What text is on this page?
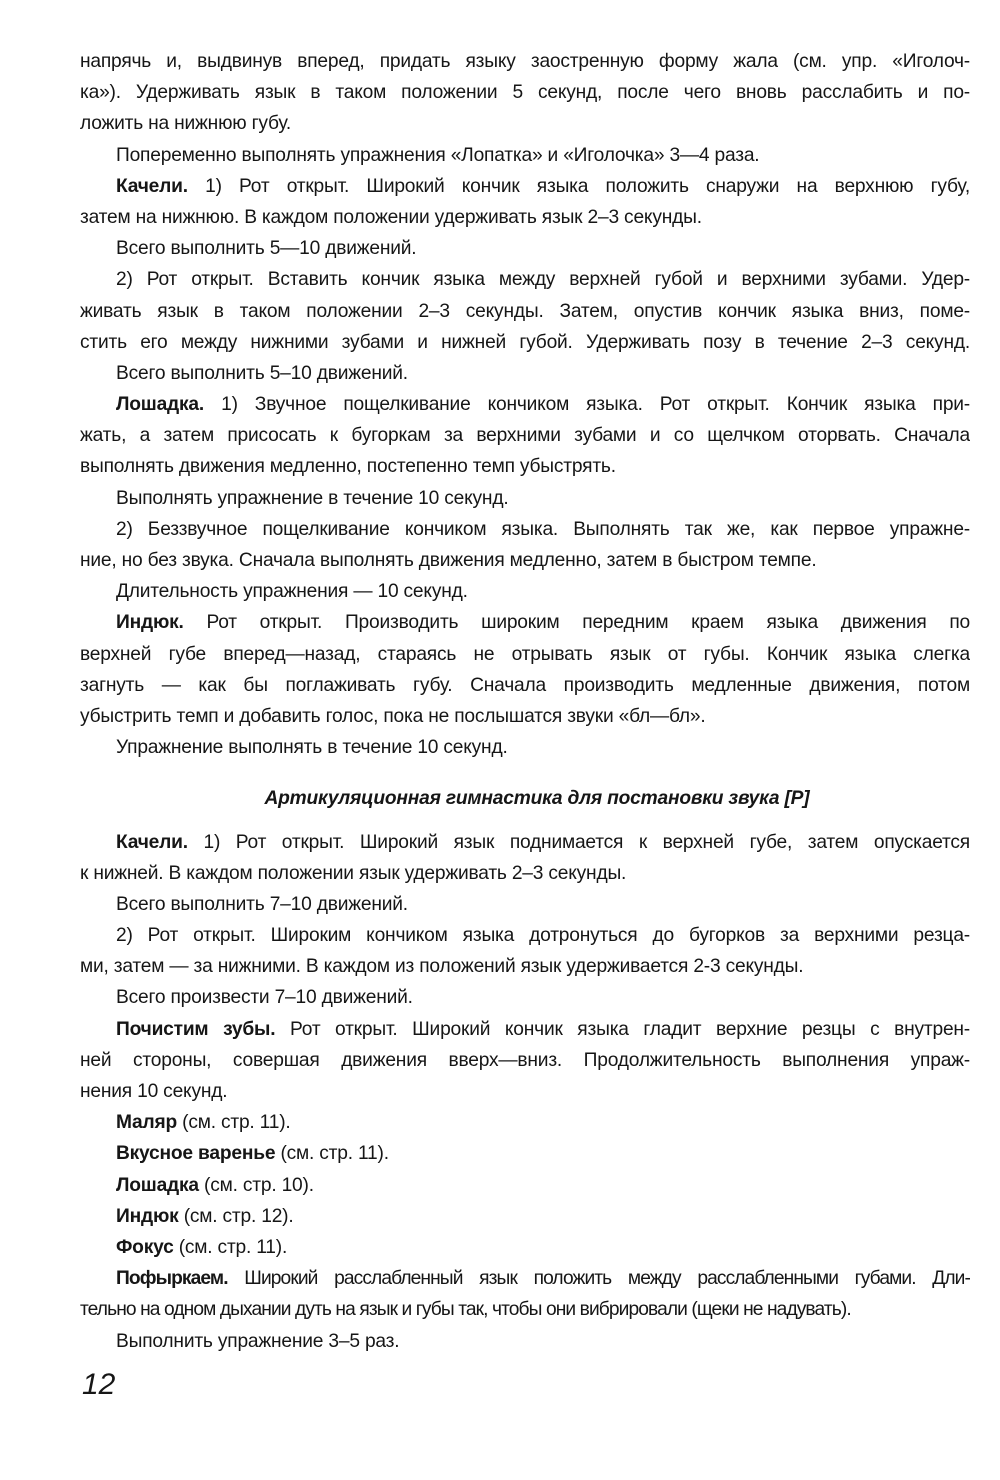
напрячь и, выдвинув вперед, придать языку заостренную форму жала (см. упр. «Иголоч-
ка»). Удерживать язык в таком положении 5 секунд, после чего вновь расслабить и по-
ложить на нижнюю губу.
Попеременно выполнять упражнения «Лопатка» и «Иголочка» 3—4 раза.
Качели. 1) Рот открыт. Широкий кончик языка положить снаружи на верхнюю губу,
затем на нижнюю. В каждом положении удерживать язык 2–3 секунды.
Всего выполнить 5—10 движений.
2) Рот открыт. Вставить кончик языка между верхней губой и верхними зубами. Удер-
живать язык в таком положении 2–3 секунды. Затем, опустив кончик языка вниз, поме-
стить его между нижними зубами и нижней губой. Удерживать позу в течение 2–3 секунд.
Всего выполнить 5–10 движений.
Лошадка. 1) Звучное пощелкивание кончиком языка. Рот открыт. Кончик языка при-
жать, а затем присосать к бугоркам за верхними зубами и со щелчком оторвать. Сначала
выполнять движения медленно, постепенно темп убыстрять.
Выполнять упражнение в течение 10 секунд.
2) Беззвучное пощелкивание кончиком языка. Выполнять так же, как первое упражне-
ние, но без звука. Сначала выполнять движения медленно, затем в быстром темпе.
Длительность упражнения — 10 секунд.
Индюк. Рот открыт. Производить широким передним краем языка движения по
верхней губе вперед—назад, стараясь не отрывать язык от губы. Кончик языка слегка
загнуть — как бы поглаживать губу. Сначала производить медленные движения, потом
убыстрить темп и добавить голос, пока не послышатся звуки «бл—бл».
Упражнение выполнять в течение 10 секунд.
Артикуляционная гимнастика для постановки звука [Р]
Качели. 1) Рот открыт. Широкий язык поднимается к верхней губе, затем опускается
к нижней. В каждом положении язык удерживать 2–3 секунды.
Всего выполнить 7–10 движений.
2) Рот открыт. Широким кончиком языка дотронуться до бугорков за верхними резца-
ми, затем — за нижними. В каждом из положений язык удерживается 2-3 секунды.
Всего произвести 7–10 движений.
Почистим зубы. Рот открыт. Широкий кончик языка гладит верхние резцы с внутрен-
ней стороны, совершая движения вверх—вниз. Продолжительность выполнения упраж-
нения 10 секунд.
Маляр (см. стр. 11).
Вкусное варенье (см. стр. 11).
Лошадка (см. стр. 10).
Индюк (см. стр. 12).
Фокус (см. стр. 11).
Пофыркаем. Широкий расслабленный язык положить между расслабленными губами. Дли-
тельно на одном дыхании дуть на язык и губы так, чтобы они вибрировали (щеки не надувать).
Выполнить упражнение 3–5 раз.
12
